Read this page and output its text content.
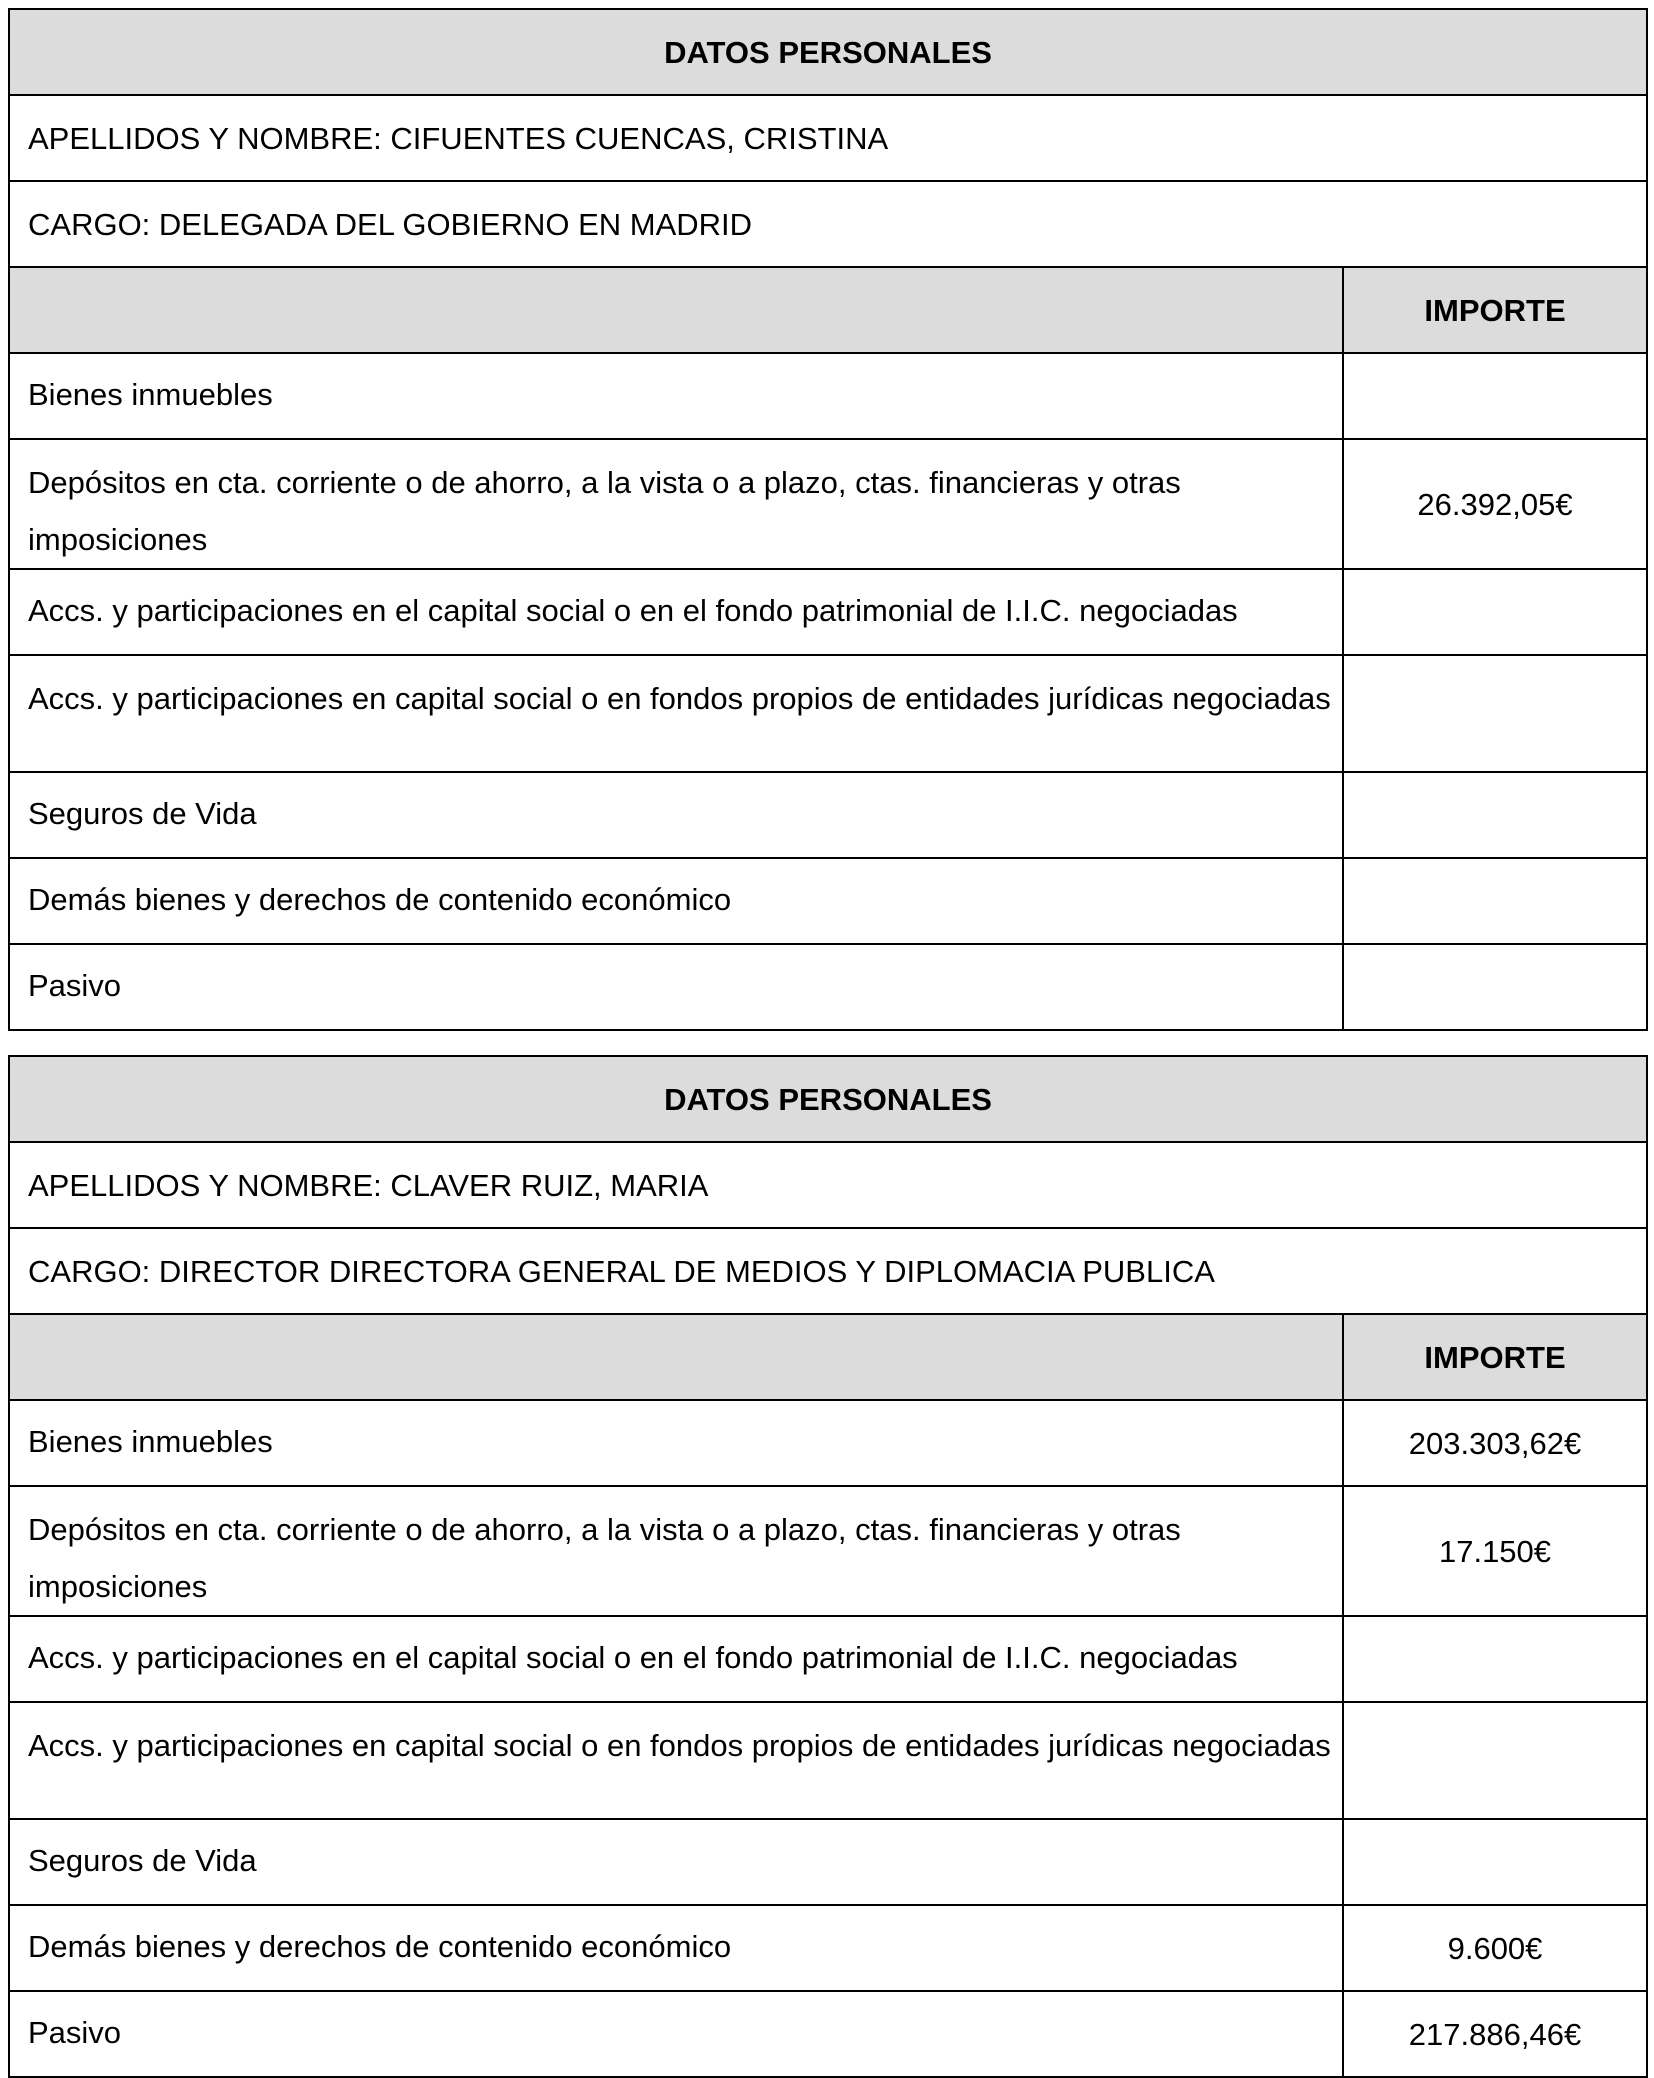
DATOS PERSONALES	
APELLIDOS Y NOMBRE: CIFUENTES CUENCAS, CRISTINA	
CARGO: DELEGADA DEL GOBIERNO EN MADRID	
	IMPORTE
Bienes inmuebles	
Depósitos en cta. corriente o de ahorro, a la vista o a plazo, ctas. financieras y otras imposiciones	26.392,05€
Accs. y participaciones en el capital social o en el fondo patrimonial de I.I.C. negociadas	
Accs. y participaciones en capital social o en fondos propios de entidades jurídicas negociadas	
Seguros de Vida	
Demás bienes y derechos de contenido económico	
Pasivo	
DATOS PERSONALES	
APELLIDOS Y NOMBRE: CLAVER RUIZ, MARIA	
CARGO: DIRECTOR DIRECTORA GENERAL DE MEDIOS Y DIPLOMACIA PUBLICA	
	IMPORTE
Bienes inmuebles	203.303,62€
Depósitos en cta. corriente o de ahorro, a la vista o a plazo, ctas. financieras y otras imposiciones	17.150€
Accs. y participaciones en el capital social o en el fondo patrimonial de I.I.C. negociadas	
Accs. y participaciones en capital social o en fondos propios de entidades jurídicas negociadas	
Seguros de Vida	
Demás bienes y derechos de contenido económico	9.600€
Pasivo	217.886,46€
